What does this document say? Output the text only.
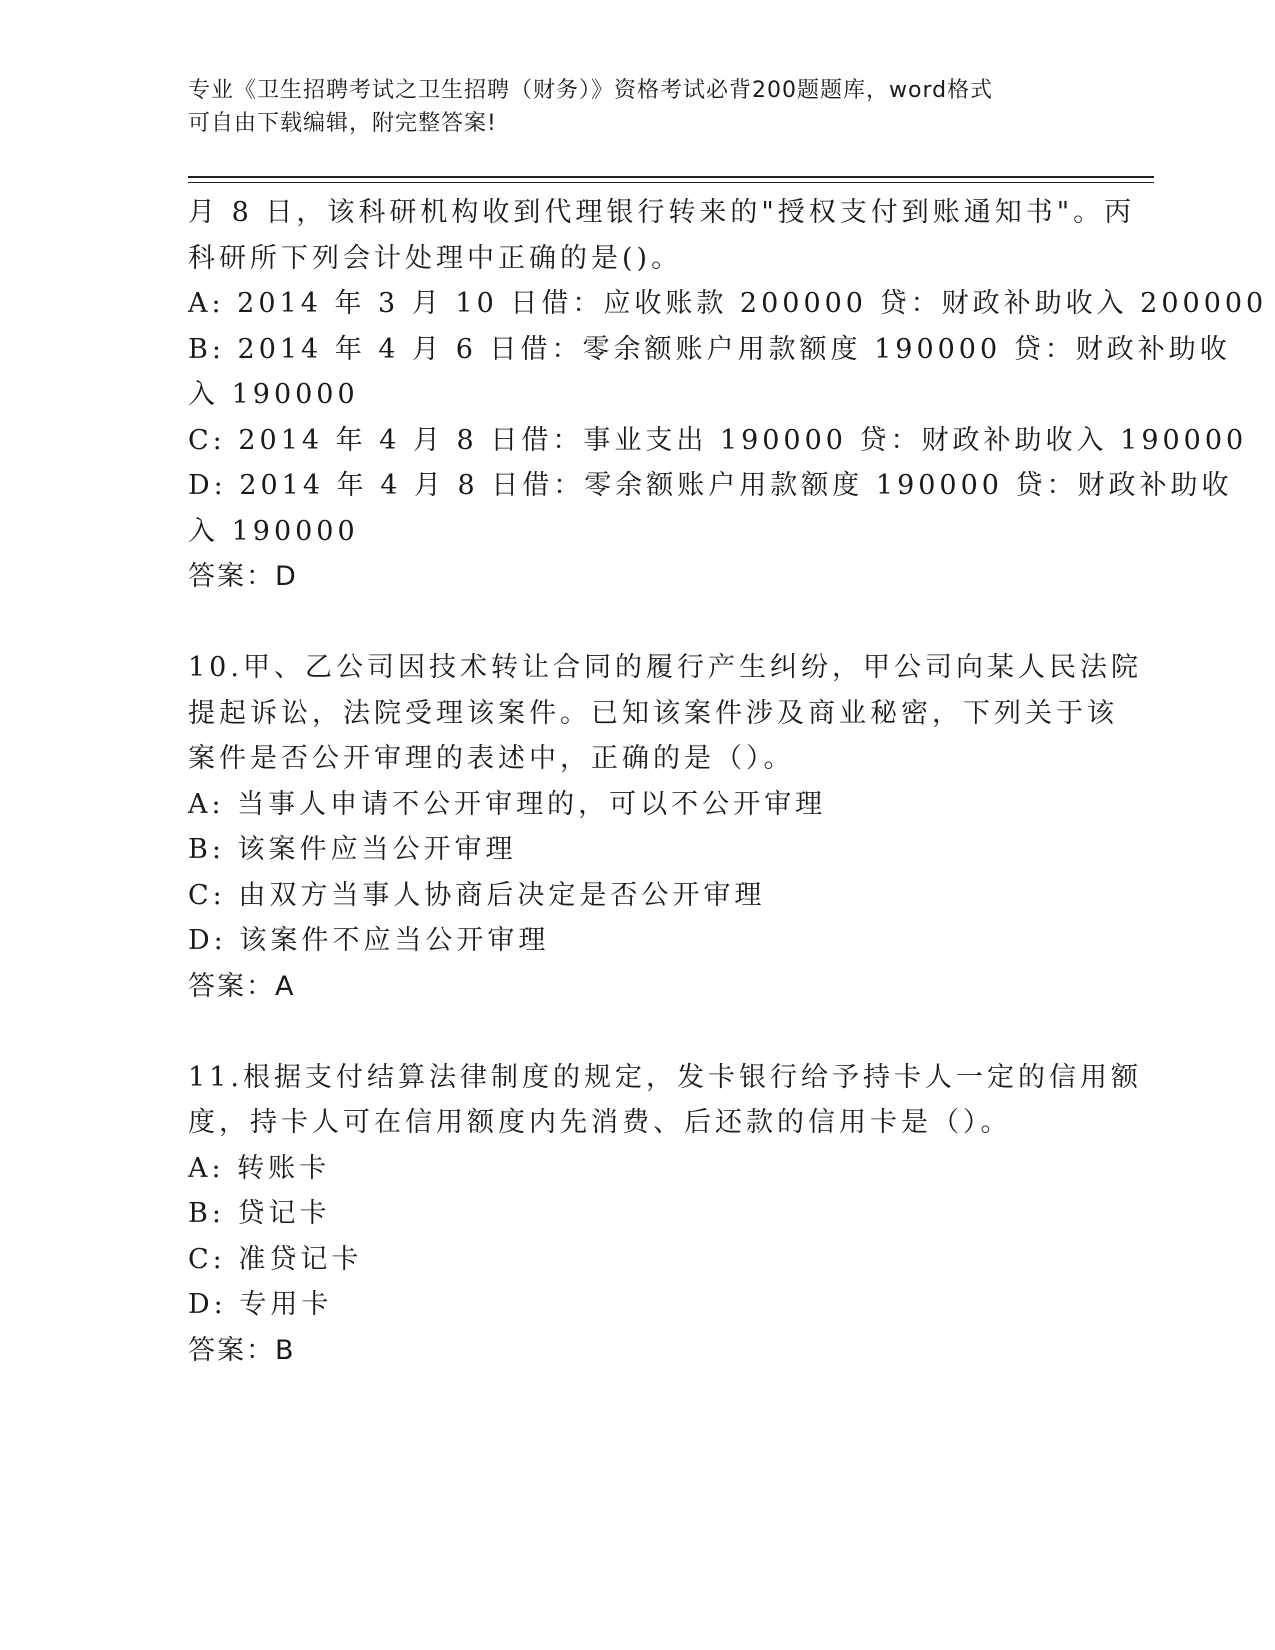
专业《卫生招聘考试之卫生招聘（财务）》资格考试必背200题题库，word格式
可自由下载编辑，附完整答案!
月 8 日，该科研机构收到代理银行转来的"授权支付到账通知书"。丙
科研所下列会计处理中正确的是()。
A: 2014 年 3 月 10 日借：应收账款 200000 贷：财政补助收入 200000
B: 2014 年 4 月 6 日借：零余额账户用款额度 190000 贷：财政补助收
入 190000
C: 2014 年 4 月 8 日借：事业支出 190000 贷：财政补助收入 190000
D: 2014 年 4 月 8 日借：零余额账户用款额度 190000 贷：财政补助收
入 190000
答案：D
10.甲、乙公司因技术转让合同的履行产生纠纷，甲公司向某人民法院
提起诉讼，法院受理该案件。已知该案件涉及商业秘密，下列关于该
案件是否公开审理的表述中，正确的是（）。
A: 当事人申请不公开审理的，可以不公开审理
B: 该案件应当公开审理
C: 由双方当事人协商后决定是否公开审理
D: 该案件不应当公开审理
答案：A
11.根据支付结算法律制度的规定，发卡银行给予持卡人一定的信用额
度，持卡人可在信用额度内先消费、后还款的信用卡是（）。
A: 转账卡
B: 贷记卡
C: 准贷记卡
D: 专用卡
答案：B
